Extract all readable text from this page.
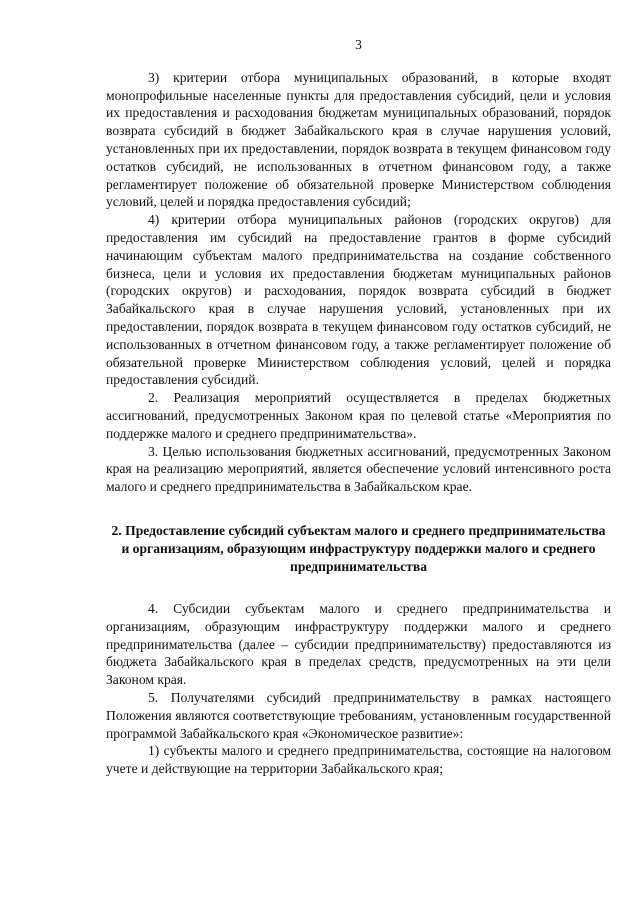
3

3) критерии отбора муниципальных образований, в которые входят монопрофильные населенные пункты для предоставления субсидий, цели и условия их предоставления и расходования бюджетам муниципальных образований, порядок возврата субсидий в бюджет Забайкальского края в случае нарушения условий, установленных при их предоставлении, порядок возврата в текущем финансовом году остатков субсидий, не использованных в отчетном финансовом году, а также регламентирует положение об обязательной проверке Министерством соблюдения условий, целей и порядка предоставления субсидий;

4) критерии отбора муниципальных районов (городских округов) для предоставления им субсидий на предоставление грантов в форме субсидий начинающим субъектам малого предпринимательства на создание собственного бизнеса, цели и условия их предоставления бюджетам муниципальных районов (городских округов) и расходования, порядок возврата субсидий в бюджет Забайкальского края в случае нарушения условий, установленных при их предоставлении, порядок возврата в текущем финансовом году остатков субсидий, не использованных в отчетном финансовом году, а также регламентирует положение об обязательной проверке Министерством соблюдения условий, целей и порядка предоставления субсидий.

2. Реализация мероприятий осуществляется в пределах бюджетных ассигнований, предусмотренных Законом края по целевой статье «Мероприятия по поддержке малого и среднего предпринимательства».

3. Целью использования бюджетных ассигнований, предусмотренных Законом края на реализацию мероприятий, является обеспечение условий интенсивного роста малого и среднего предпринимательства в Забайкальском крае.

2. Предоставление субсидий субъектам малого и среднего предпринимательства и организациям, образующим инфраструктуру поддержки малого и среднего предпринимательства

4. Субсидии субъектам малого и среднего предпринимательства и организациям, образующим инфраструктуру поддержки малого и среднего предпринимательства (далее – субсидии предпринимательству) предоставляются из бюджета Забайкальского края в пределах средств, предусмотренных на эти цели Законом края.

5. Получателями субсидий предпринимательству в рамках настоящего Положения являются соответствующие требованиям, установленным государственной программой Забайкальского края «Экономическое развитие»:

1) субъекты малого и среднего предпринимательства, состоящие на налоговом учете и действующие на территории Забайкальского края;
